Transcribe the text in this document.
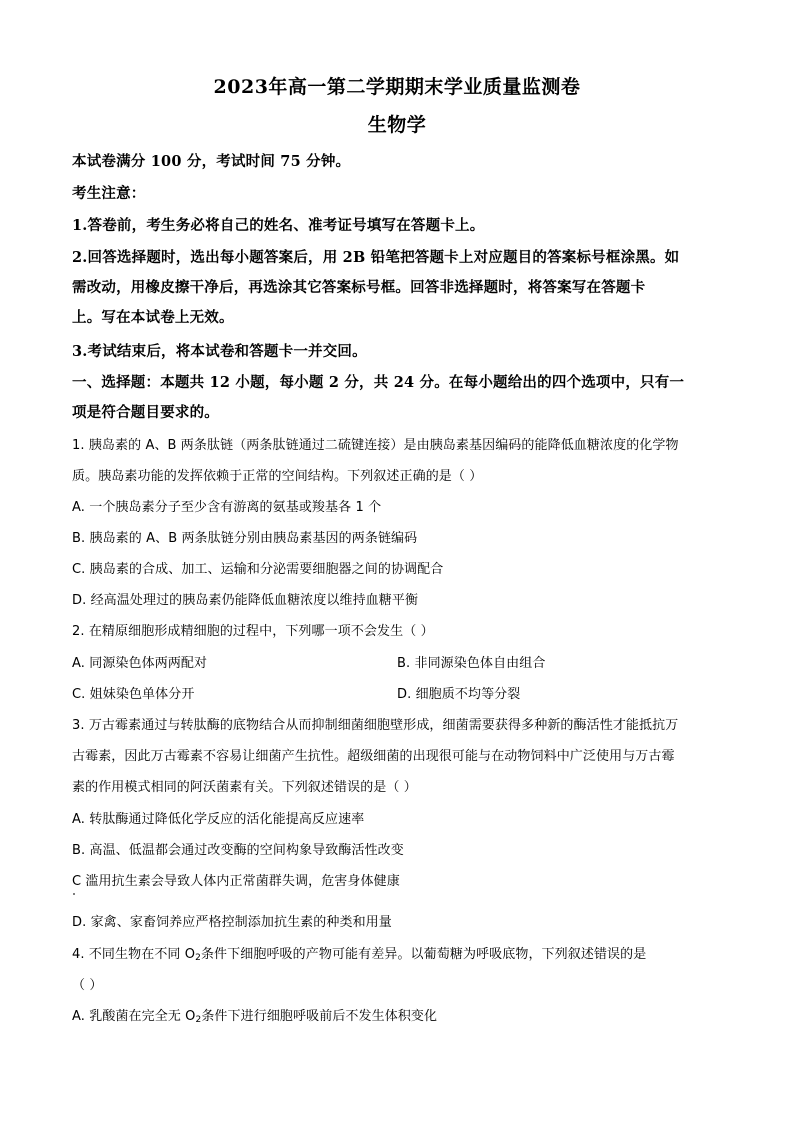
2023年高一第二学期期末学业质量监测卷
生物学
本试卷满分 100 分，考试时间 75 分钟。
考生注意：
1.答卷前，考生务必将自己的姓名、准考证号填写在答题卡上。
2.回答选择题时，选出每小题答案后，用 2B 铅笔把答题卡上对应题目的答案标号框涂黑。如
需改动，用橡皮擦干净后，再选涂其它答案标号框。回答非选择题时，将答案写在答题卡
上。写在本试卷上无效。
3.考试结束后，将本试卷和答题卡一并交回。
一、选择题：本题共 12 小题，每小题 2 分，共 24 分。在每小题给出的四个选项中，只有一
项是符合题目要求的。
1. 胰岛素的 A、B 两条肽链（两条肽链通过二硫键连接）是由胰岛素基因编码的能降低血糖浓度的化学物
质。胰岛素功能的发挥依赖于正常的空间结构。下列叙述正确的是（ ）
A. 一个胰岛素分子至少含有游离的氨基或羧基各 1 个
B. 胰岛素的 A、B 两条肽链分别由胰岛素基因的两条链编码
C. 胰岛素的合成、加工、运输和分泌需要细胞器之间的协调配合
D. 经高温处理过的胰岛素仍能降低血糖浓度以维持血糖平衡
2. 在精原细胞形成精细胞的过程中，下列哪一项不会发生（ ）
A. 同源染色体两两配对	B. 非同源染色体自由组合
C. 姐妹染色单体分开	D. 细胞质不均等分裂
3. 万古霉素通过与转肽酶的底物结合从而抑制细菌细胞壁形成，细菌需要获得多种新的酶活性才能抵抗万
古霉素，因此万古霉素不容易让细菌产生抗性。超级细菌的出现很可能与在动物饲料中广泛使用与万古霉
素的作用模式相同的阿沃菌素有关。下列叙述错误的是（ ）
A. 转肽酶通过降低化学反应的活化能提高反应速率
B. 高温、低温都会通过改变酶的空间构象导致酶活性改变
C 滥用抗生素会导致人体内正常菌群失调，危害身体健康
D. 家禽、家畜饲养应严格控制添加抗生素的种类和用量
4. 不同生物在不同 $O_2$条件下细胞呼吸的产物可能有差异。以葡萄糖为呼吸底物，下列叙述错误的是
（ ）
A. 乳酸菌在完全无 $O_2$条件下进行细胞呼吸前后不发生体积变化
